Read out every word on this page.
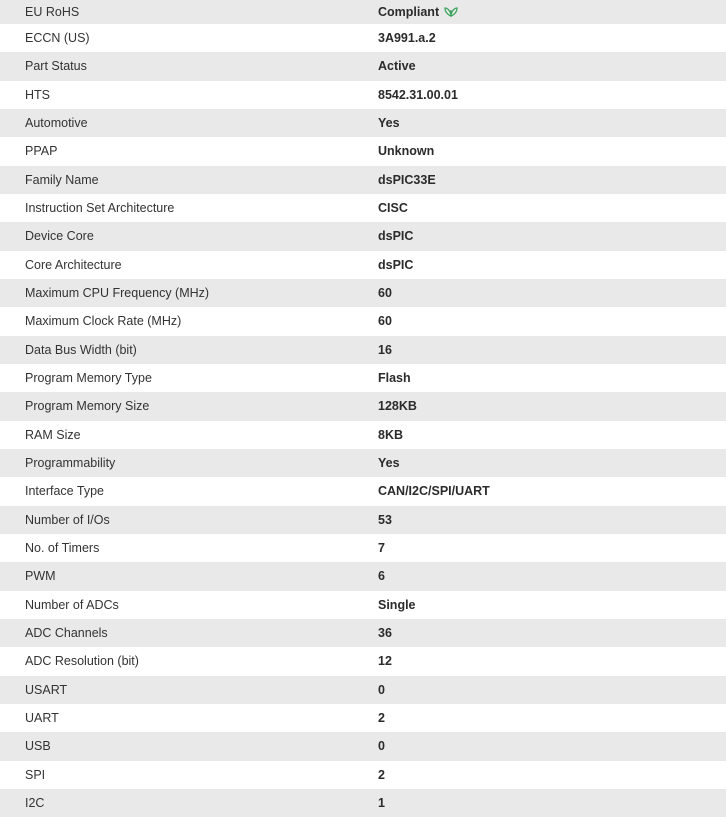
EU RoHS	Compliant
ECCN (US)	3A991.a.2
Part Status	Active
HTS	8542.31.00.01
Automotive	Yes
PPAP	Unknown
Family Name	dsPIC33E
Instruction Set Architecture	CISC
Device Core	dsPIC
Core Architecture	dsPIC
Maximum CPU Frequency (MHz)	60
Maximum Clock Rate (MHz)	60
Data Bus Width (bit)	16
Program Memory Type	Flash
Program Memory Size	128KB
RAM Size	8KB
Programmability	Yes
Interface Type	CAN/I2C/SPI/UART
Number of I/Os	53
No. of Timers	7
PWM	6
Number of ADCs	Single
ADC Channels	36
ADC Resolution (bit)	12
USART	0
UART	2
USB	0
SPI	2
I2C	1
